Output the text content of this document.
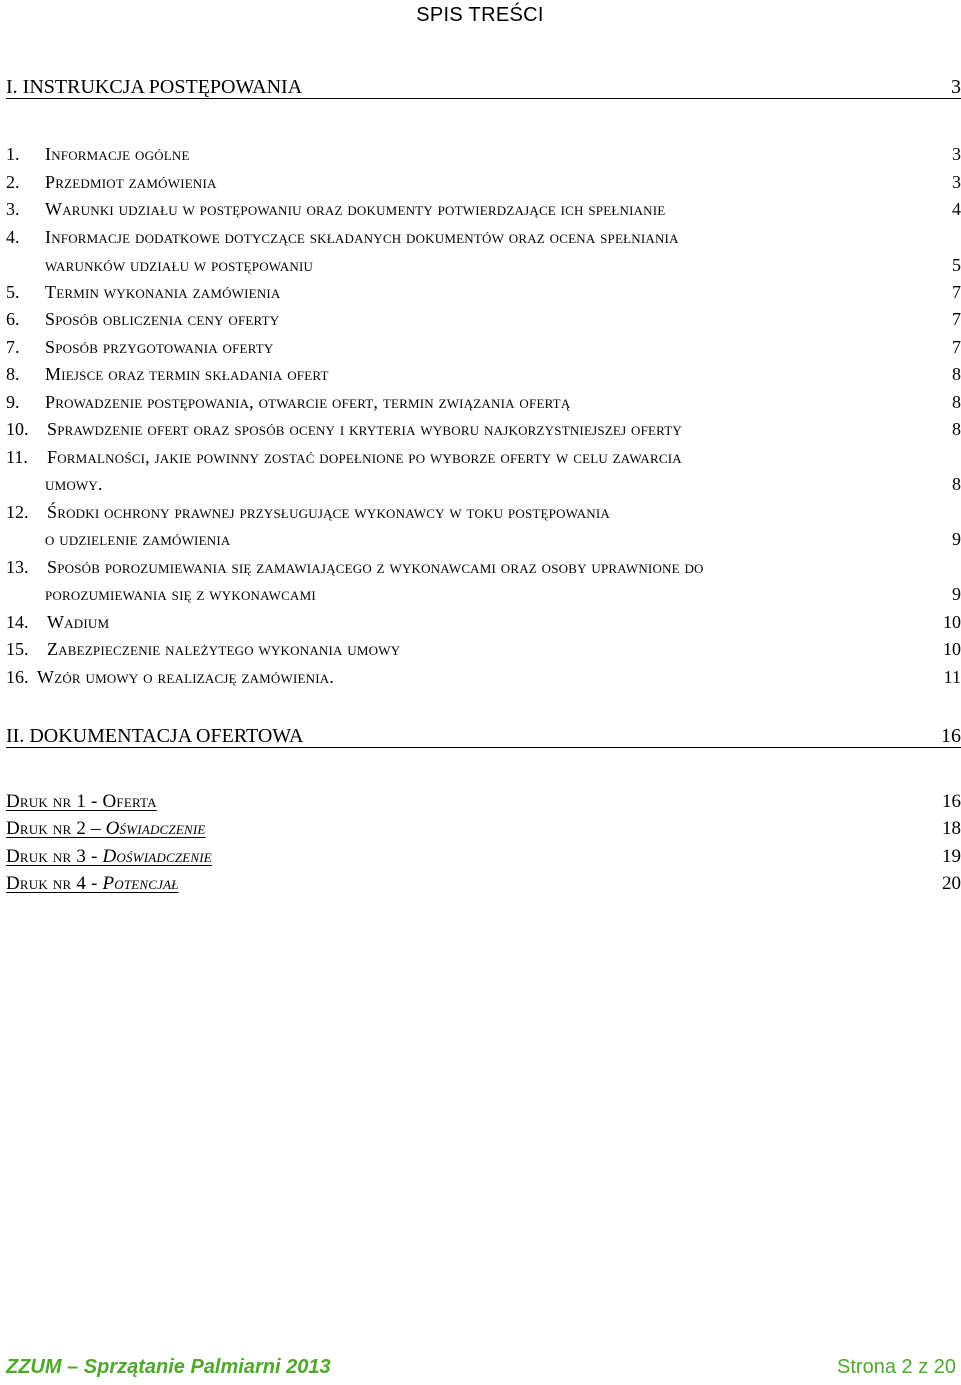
SPIS TREŚCI
I. INSTRUKCJA POSTĘPOWANIA	3
1.	Informacje ogólne	3
2.	Przedmiot zamówienia	3
3.	Warunki udziału w postępowaniu oraz dokumenty potwierdzające ich spełnianie	4
4.	Informacje dodatkowe dotyczące składanych dokumentów oraz ocena spełniania
warunków udziału w postępowaniu	5
5.	Termin wykonania zamówienia	7
6.	Sposób obliczenia ceny oferty	7
7.	Sposób przygotowania oferty	7
8.	Miejsce oraz termin składania ofert	8
9.	Prowadzenie postępowania, otwarcie ofert, termin związania ofertą	8
10.	Sprawdzenie ofert oraz sposób oceny i kryteria wyboru najkorzystniejszej oferty	8
11.	Formalności, jakie powinny zostać dopełnione po wyborze oferty w celu zawarcia
umowy.	8
12.	Środki ochrony prawnej przysługujące wykonawcy w toku postępowania
o udzielenie zamówienia	9
13.	Sposób porozumiewania się zamawiającego z wykonawcami oraz osoby uprawnione do
porozumiewania się z wykonawcami	9
14.	Wadium	10
15.	Zabezpieczenie należytego wykonania umowy	10
16. Wzór umowy o realizację zamówienia.	11
II. DOKUMENTACJA OFERTOWA	16
Druk nr 1 - Oferta	16
Druk nr 2 – Oświadczenie	18
Druk nr 3 - Doświadczenie	19
Druk nr 4 - Potencjał	20
ZZUM – Sprzątanie Palmiarni 2013	Strona 2 z 20
